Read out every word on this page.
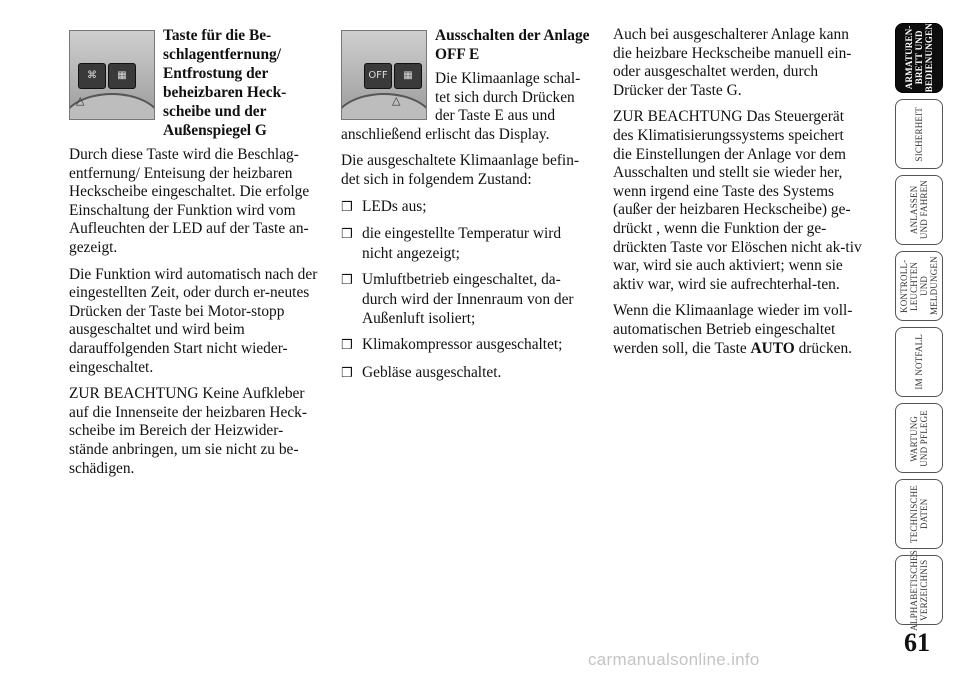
⌘	▦
△
Taste für die Be-schlagentfernung/ Entfrostung der beheizbaren Heck-scheibe und der Außenspiegel G

Durch diese Taste wird die Beschlag-entfernung/ Enteisung der heizbaren Heckscheibe eingeschaltet. Die erfolge Einschaltung der Funktion wird vom Aufleuchten der LED auf der Taste an-gezeigt.

Die Funktion wird automatisch nach der eingestellten Zeit, oder durch er-neutes Drücken der Taste bei Motor-stopp ausgeschaltet und wird beim darauffolgenden Start nicht wieder-eingeschaltet.

ZUR BEACHTUNG Keine Aufkleber auf die Innenseite der heizbaren Heck-scheibe im Bereich der Heizwider-stände anbringen, um sie nicht zu be-schädigen.

OFF	▦
△
Ausschalten der Anlage OFF E

Die Klimaanlage schal-tet sich durch Drücken der Taste E aus und anschließend erlischt das Display.

Die ausgeschaltete Klimaanlage befin-det sich in folgendem Zustand:

❒ LEDs aus;

❒ die eingestellte Temperatur wird nicht angezeigt;

❒ Umluftbetrieb eingeschaltet, da-durch wird der Innenraum von der Außenluft isoliert;

❒ Klimakompressor ausgeschaltet;

❒ Gebläse ausgeschaltet.

Auch bei ausgeschalterer Anlage kann die heizbare Heckscheibe manuell ein-oder ausgeschaltet werden, durch Drücker der Taste G.

ZUR BEACHTUNG Das Steuergerät des Klimatisierungssystems speichert die Einstellungen der Anlage vor dem Ausschalten und stellt sie wieder her, wenn irgend eine Taste des Systems (außer der heizbaren Heckscheibe) ge-drückt , wenn die Funktion der ge-drückten Taste vor Elöschen nicht ak-tiv war, wird sie auch aktiviert; wenn sie aktiv war, wird sie aufrechterhal-ten.

Wenn die Klimaanlage wieder im voll-automatischen Betrieb eingeschaltet werden soll, die Taste AUTO drücken.

ARMATUREN-
BRETT UND
BEDIENUNGEN
SICHERHEIT
ANLASSEN
UND FAHREN
KONTROLL-
LEUCHTEN UND
MELDUNGEN
IM NOTFALL
WARTUNG
UND PFLEGE
TECHNISCHE
DATEN
ALPHABETISCHES
VERZEICHNIS
61
carmanualsonline.info
